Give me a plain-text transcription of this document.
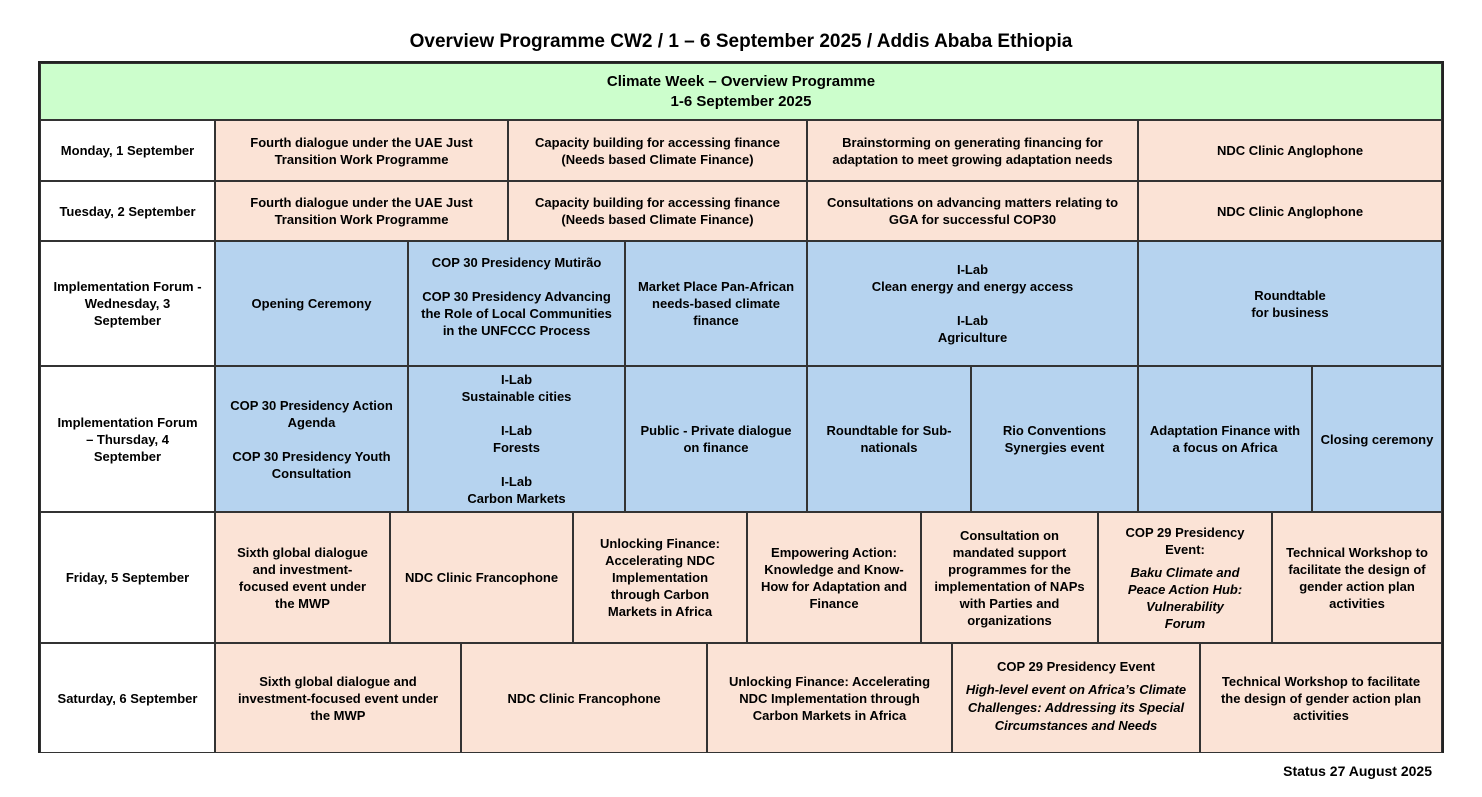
Overview Programme CW2 / 1 – 6 September 2025 / Addis Ababa Ethiopia
Climate Week – Overview Programme
1-6 September 2025
Monday, 1 September
Fourth dialogue under the UAE Just Transition Work Programme
Capacity building for accessing finance (Needs based Climate Finance)
Brainstorming on generating financing for adaptation to meet growing adaptation needs
NDC Clinic Anglophone
Tuesday, 2 September
Fourth dialogue under the UAE Just Transition Work Programme
Capacity building for accessing finance (Needs based Climate Finance)
Consultations on advancing matters relating to GGA for successful COP30
NDC Clinic Anglophone
Implementation Forum -Wednesday, 3 September
Opening Ceremony
COP 30 Presidency Mutirão
COP 30 Presidency Advancing the Role of Local Communities in the UNFCCC Process
Market Place Pan-African needs-based climate finance
I-Lab
Clean energy and energy access
I-Lab
Agriculture
Roundtable
for business
Implementation Forum – Thursday, 4 September
COP 30 Presidency Action Agenda
COP 30 Presidency Youth Consultation
I-Lab
Sustainable cities
I-Lab
Forests
I-Lab
Carbon Markets
Public - Private dialogue on finance
Roundtable for Sub-nationals
Rio Conventions Synergies event
Adaptation Finance with a focus on Africa
Closing ceremony
Friday, 5 September
Sixth global dialogue and investment-focused event under the MWP
NDC Clinic Francophone
Unlocking Finance: Accelerating NDC Implementation through Carbon Markets in Africa
Empowering Action: Knowledge and Know-How for Adaptation and Finance
Consultation on mandated support programmes for the implementation of NAPs with Parties and organizations
COP 29 Presidency Event:
Baku Climate and Peace Action Hub:
Vulnerability Forum
Technical Workshop to facilitate the design of gender action plan activities
Saturday, 6 September
Sixth global dialogue and investment-focused event under the MWP
NDC Clinic Francophone
Unlocking Finance: Accelerating NDC Implementation through Carbon Markets in Africa
COP 29 Presidency Event
High-level event on Africa’s Climate Challenges: Addressing its Special Circumstances and Needs
Technical Workshop to facilitate the design of gender action plan activities
Status 27 August 2025
